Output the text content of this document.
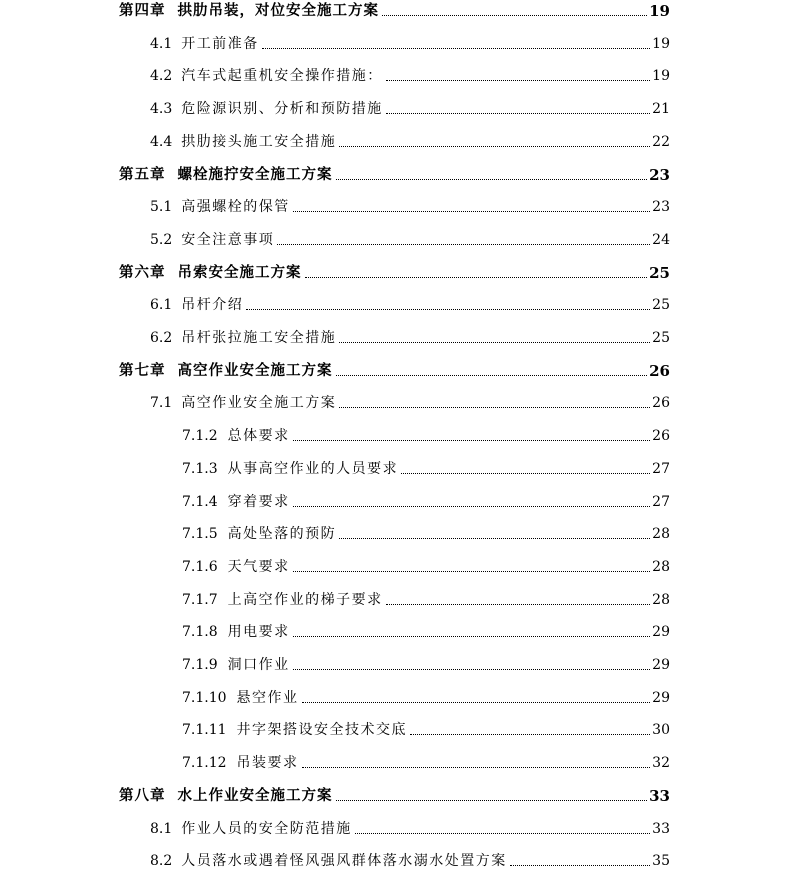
第四章 拱肋吊装，对位安全施工方案	19
4.1 开工前准备	19
4.2 汽车式起重机安全操作措施：	19
4.3 危险源识别、分析和预防措施	21
4.4 拱肋接头施工安全措施	22
第五章 螺栓施拧安全施工方案	23
5.1 高强螺栓的保管	23
5.2 安全注意事项	24
第六章 吊索安全施工方案	25
6.1 吊杆介绍	25
6.2 吊杆张拉施工安全措施	25
第七章 高空作业安全施工方案	26
7.1 高空作业安全施工方案	26
7.1.2 总体要求	26
7.1.3 从事高空作业的人员要求	27
7.1.4 穿着要求	27
7.1.5 高处坠落的预防	28
7.1.6 天气要求	28
7.1.7 上高空作业的梯子要求	28
7.1.8 用电要求	29
7.1.9 洞口作业	29
7.1.10 悬空作业	29
7.1.11 井字架搭设安全技术交底	30
7.1.12 吊装要求	32
第八章 水上作业安全施工方案	33
8.1 作业人员的安全防范措施	33
8.2 人员落水或遇着怪风强风群体落水溺水处置方案	35
